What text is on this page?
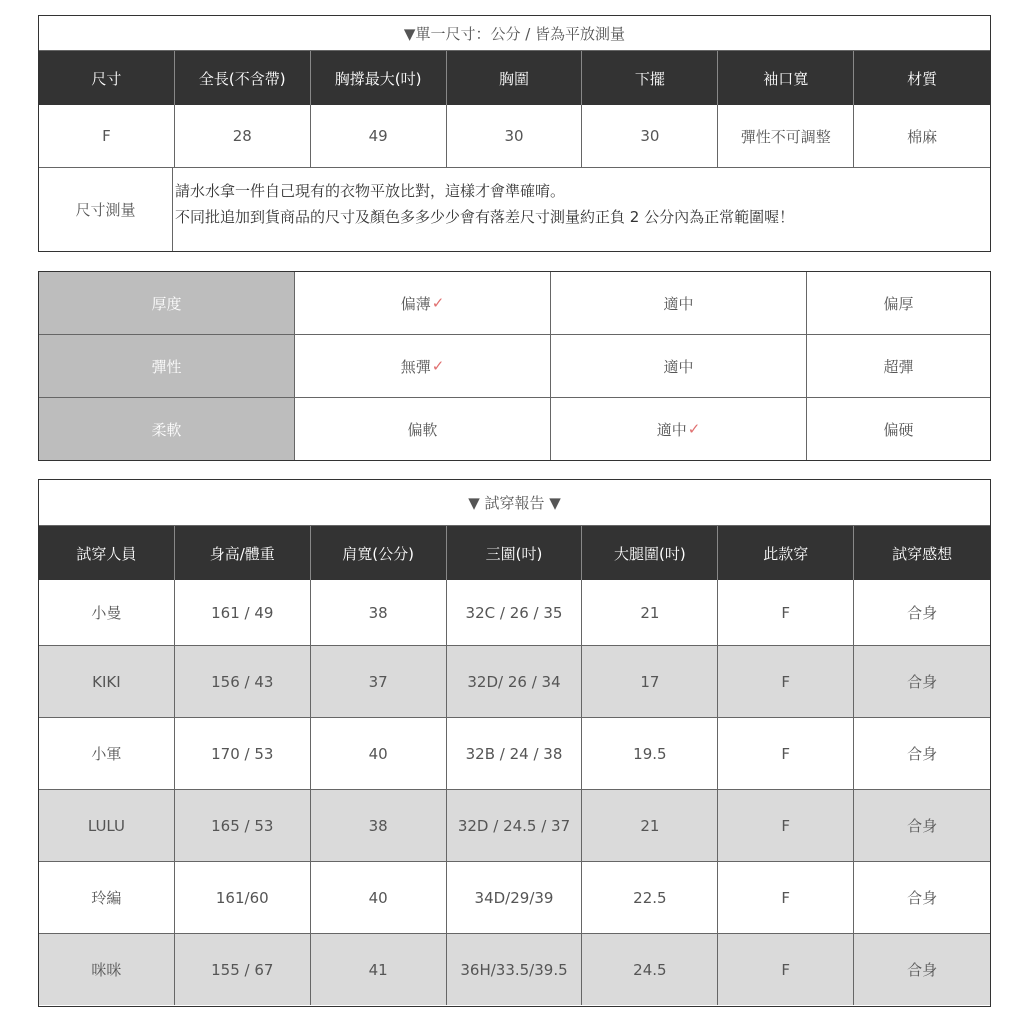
▼單一尺寸：公分 / 皆為平放測量
尺寸	全長(不含帶)	胸撐最大(吋)	胸圍	下擺	袖口寬	材質
F	28	49	30	30	彈性不可調整	棉麻
尺寸測量
請水水拿一件自己現有的衣物平放比對，這樣才會準確唷。
不同批追加到貨商品的尺寸及顏色多多少少會有落差尺寸測量約正負 2 公分內為正常範圍喔！
厚度	偏薄 ✓	適中	偏厚
彈性	無彈 ✓	適中	超彈
柔軟	偏軟	適中 ✓	偏硬
▼ 試穿報告 ▼
試穿人員	身高/體重	肩寬(公分)	三圍(吋)	大腿圍(吋)	此款穿	試穿感想
小曼	161 / 49	38	32C / 26 / 35	21	F	合身
KIKI	156 / 43	37	32D/ 26 / 34	17	F	合身
小軍	170 / 53	40	32B / 24 / 38	19.5	F	合身
LULU	165 / 53	38	32D / 24.5 / 37	21	F	合身
玲編	161/60	40	34D/29/39	22.5	F	合身
咪咪	155 / 67	41	36H/33.5/39.5	24.5	F	合身
